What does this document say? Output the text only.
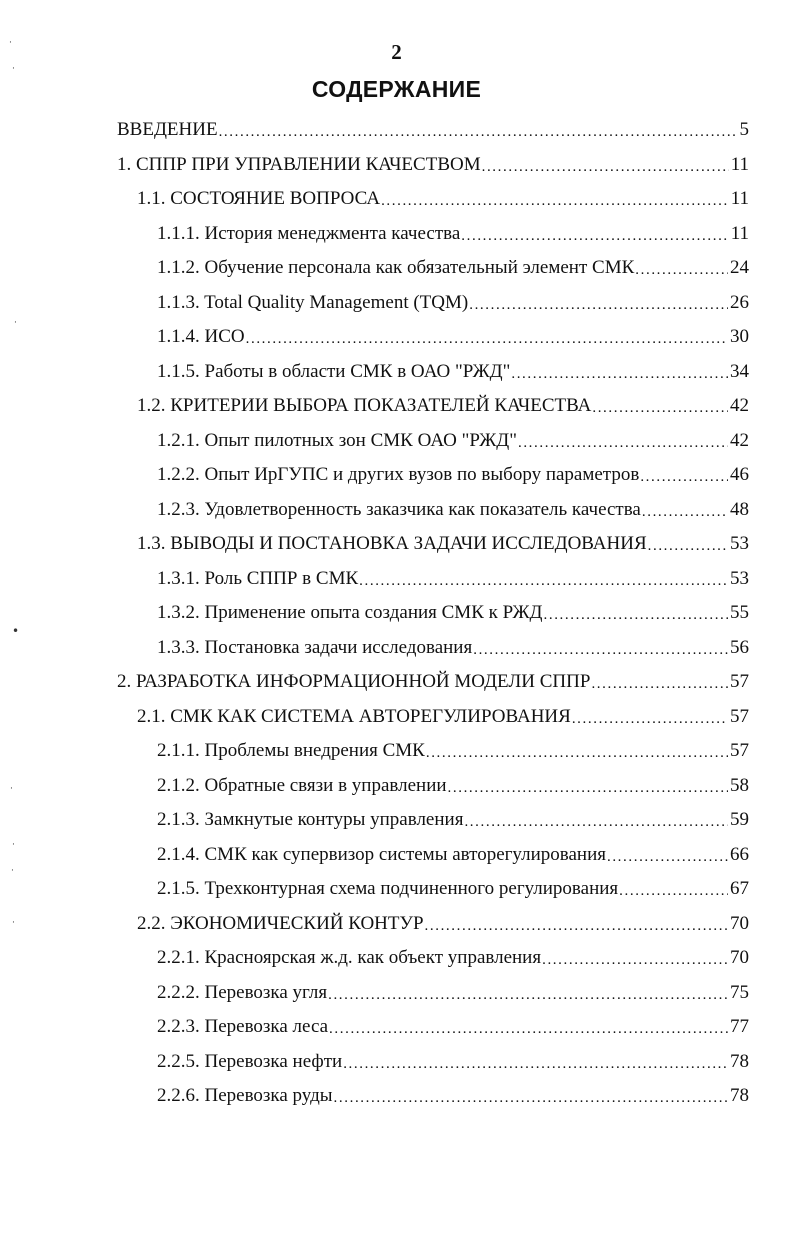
2
СОДЕРЖАНИЕ
ВВЕДЕНИЕ .....	5
1. СППР ПРИ УПРАВЛЕНИИ КАЧЕСТВОМ .....	11
1.1. СОСТОЯНИЕ ВОПРОСА .....	11
1.1.1. История менеджмента качества .....	11
1.1.2. Обучение персонала как обязательный элемент СМК .....	24
1.1.3. Total Quality Management (TQM) .....	26
1.1.4. ИСО .....	30
1.1.5. Работы в области СМК в ОАО "РЖД" .....	34
1.2. КРИТЕРИИ ВЫБОРА ПОКАЗАТЕЛЕЙ КАЧЕСТВА .....	42
1.2.1. Опыт пилотных зон СМК ОАО "РЖД" .....	42
1.2.2. Опыт ИрГУПС и других вузов по выбору параметров .....	46
1.2.3. Удовлетворенность заказчика как показатель качества .....	48
1.3. ВЫВОДЫ И ПОСТАНОВКА ЗАДАЧИ ИССЛЕДОВАНИЯ .....	53
1.3.1. Роль СППР в СМК .....	53
1.3.2. Применение опыта создания СМК к РЖД .....	55
1.3.3. Постановка задачи исследования .....	56
2. РАЗРАБОТКА ИНФОРМАЦИОННОЙ МОДЕЛИ СППР .....	57
2.1. СМК КАК СИСТЕМА АВТОРЕГУЛИРОВАНИЯ .....	57
2.1.1. Проблемы внедрения СМК .....	57
2.1.2. Обратные связи в управлении .....	58
2.1.3. Замкнутые контуры управления .....	59
2.1.4. СМК как супервизор системы авторегулирования .....	66
2.1.5. Трехконтурная схема подчиненного регулирования .....	67
2.2. ЭКОНОМИЧЕСКИЙ КОНТУР .....	70
2.2.1. Красноярская ж.д. как объект управления .....	70
2.2.2. Перевозка угля .....	75
2.2.3. Перевозка леса .....	77
2.2.5. Перевозка нефти .....	78
2.2.6. Перевозка руды .....	78
·
·
·
•
·
·
·
·
